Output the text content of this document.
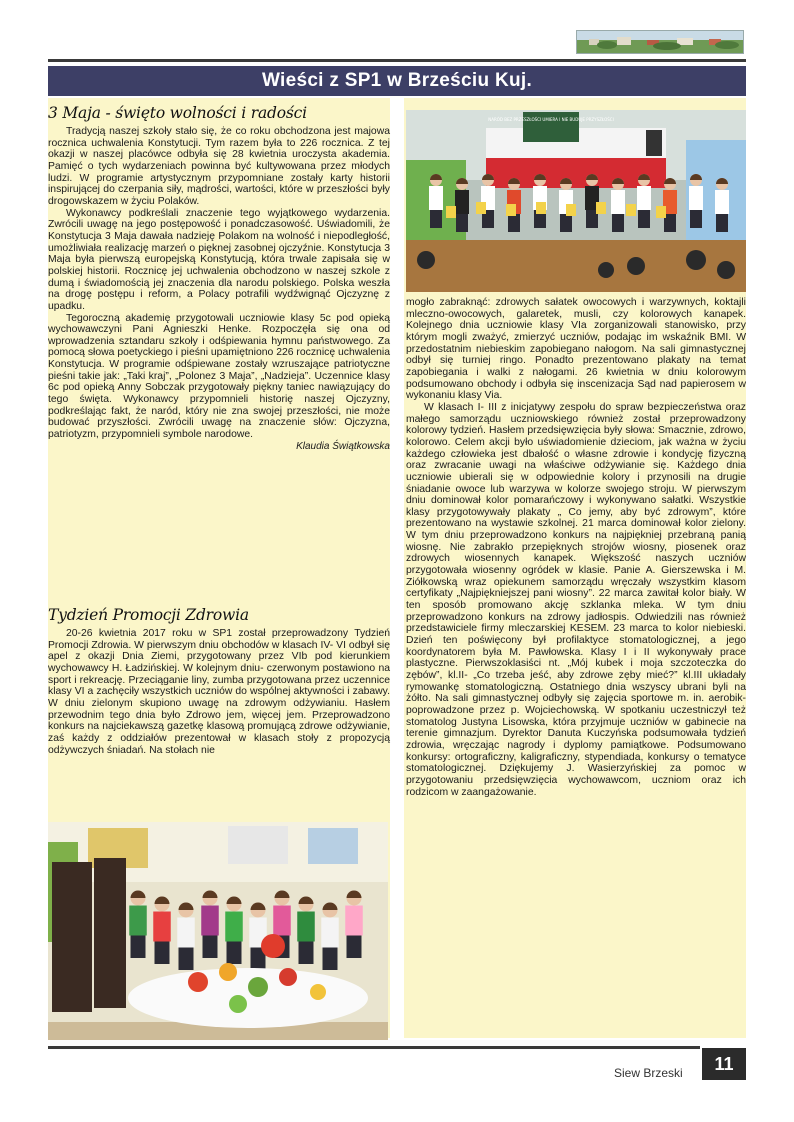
Wieści z SP1 w Brześciu Kuj.
3 Maja - święto wolności i radości

Tradycją naszej szkoły stało się, że co roku obchodzona jest majowa rocznica uchwalenia Konstytucji. Tym razem była to 226 rocznica. Z tej okazji w naszej placówce odbyła się 28 kwietnia uroczysta akademia. Pamięć o tych wydarzeniach powinna być kultywowana przez młodych ludzi. W programie artystycznym przypomniane zostały karty historii inspirującej do czerpania siły, mądrości, wartości, które w przeszłości były drogowskazem w życiu Polaków.

Wykonawcy podkreślali znaczenie tego wyjątkowego wydarzenia. Zwrócili uwagę na jego postępowość i ponadczasowość. Uświadomili, że Konstytucja 3 Maja dawała nadzieję Polakom na wolność i niepodległość, umożliwiała realizację marzeń o pięknej zasobnej ojczyźnie. Konstytucja 3 Maja była pierwszą europejską Konstytucją, która trwale zapisała się w polskiej historii. Rocznicę jej uchwalenia obchodzono w naszej szkole z dumą i świadomością jej znaczenia dla narodu polskiego. Polska weszła na drogę postępu i reform, a Polacy potrafili wydźwignąć Ojczyznę z upadku.

Tegoroczną akademię przygotowali uczniowie klasy 5c pod opieką wychowawczyni Pani Agnieszki Henke. Rozpoczęła się ona od wprowadzenia sztandaru szkoły i odśpiewania hymnu państwowego. Za pomocą słowa poetyckiego i pieśni upamiętniono 226 rocznicę uchwalenia Konstytucja. W programie odśpiewane zostały wzruszające patriotyczne pieśni takie jak: „Taki kraj”, „Polonez 3 Maja”, „Nadzieja”. Uczennice klasy 6c pod opieką Anny Sobczak przygotowały piękny taniec nawiązujący do tego święta. Wykonawcy przypomnieli historię naszej Ojczyzny, podkreślając fakt, że naród, który nie zna swojej przeszłości, nie może budować przyszłości. Zwrócili uwagę na znaczenie słów: Ojczyzna, patriotyzm, przypomnieli symbole narodowe.

Klaudia Świątkowska

Tydzień Promocji Zdrowia

20-26 kwietnia 2017 roku w SP1 został przeprowadzony Tydzień Promocji Zdrowia. W pierwszym dniu obchodów w klasach IV- VI odbył się apel z okazji Dnia Ziemi, przygotowany przez VIb pod kierunkiem wychowawcy H. Ładzińskiej. W kolejnym dniu- czerwonym postawiono na sport i rekreację. Przeciąganie liny, zumba przygotowana przez uczennice klasy VI a zachęciły wszystkich uczniów do wspólnej aktywności i zabawy. W dniu zielonym skupiono uwagę na zdrowym odżywianiu. Hasłem przewodnim tego dnia było Zdrowo jem, więcej jem. Przeprowadzono konkurs na najciekawszą gazetkę klasową promującą zdrowe odżywianie, zaś każdy z oddziałów prezentował w klasach stoły z propozycją odżywczych śniadań. Na stołach nie

NARÓD BEZ PRZESZŁOŚCI UMIERA I NIE BUDUJE PRZYSZŁOŚCI

mogło zabraknąć: zdrowych sałatek owocowych i warzywnych, koktajli mleczno-owocowych, galaretek, musli, czy kolorowych kanapek. Kolejnego dnia uczniowie klasy VIa zorganizowali stanowisko, przy którym mogli zważyć, zmierzyć uczniów, podając im wskaźnik BMI. W przedostatnim niebieskim zapobiegano nałogom. Na sali gimnastycznej odbył się turniej ringo. Ponadto prezentowano plakaty na temat zapobiegania i walki z nałogami. 26 kwietnia w dniu kolorowym podsumowano obchody i odbyła się inscenizacja Sąd nad papierosem w wykonaniu klasy Via.

W klasach I- III z inicjatywy zespołu do spraw bezpieczeństwa oraz małego samorządu uczniowskiego również został przeprowadzony kolorowy tydzień. Hasłem przedsięwzięcia były słowa: Smacznie, zdrowo, kolorowo. Celem akcji było uświadomienie dzieciom, jak ważna w życiu każdego człowieka jest dbałość o własne zdrowie i kondycję fizyczną oraz zwracanie uwagi na właściwe odżywianie się. Każdego dnia uczniowie ubierali się w odpowiednie kolory i przynosili na drugie śniadanie owoce lub warzywa w kolorze swojego stroju. W pierwszym dniu dominował kolor pomarańczowy i wykonywano sałatki. Wszystkie klasy przygotowywały plakaty „ Co jemy, aby być zdrowym”, które prezentowano na wystawie szkolnej. 21 marca dominował kolor zielony. W tym dniu przeprowadzono konkurs na najpiękniej przebraną panią wiosnę. Nie zabrakło przepięknych strojów wiosny, piosenek oraz zdrowych wiosennych kanapek. Większość naszych uczniów przygotowała wiosenny ogródek w klasie. Panie A. Gierszewska i M. Ziółkowską wraz opiekunem samorządu wręczały wszystkim klasom certyfikaty „Najpiękniejszej pani wiosny”. 22 marca zawitał kolor biały. W ten sposób promowano akcję szklanka mleka. W tym dniu przeprowadzono konkurs na zdrowy jadłospis. Odwiedzili nas również przedstawiciele firmy mleczarskiej KESEM. 23 marca to kolor niebieski. Dzień ten poświęcony był profilaktyce stomatologicznej, a jego koordynatorem była M. Pawłowska. Klasy I i II wykonywały prace plastyczne. Pierwszoklasiści nt. „Mój kubek i moja szczoteczka do zębów”, kl.II- „Co trzeba jeść, aby zdrowe zęby mieć?” kl.III układały rymowankę stomatologiczną. Ostatniego dnia wszyscy ubrani byli na żółto. Na sali gimnastycznej odbyły się zajęcia sportowe m. in. aerobik- poprowadzone przez p. Wojciechowską. W spotkaniu uczestniczył też stomatolog Justyna Lisowska, która przyjmuje uczniów w gabinecie na terenie gimnazjum. Dyrektor Danuta Kuczyńska podsumowała tydzień zdrowia, wręczając nagrody i dyplomy pamiątkowe. Podsumowano konkursy: ortograficzny, kaligraficzny, stypendiada, konkursy o tematyce stomatologicznej. Dziękujemy J. Wasierzyńskiej za pomoc w przygotowaniu przedsięwzięcia wychowawcom, uczniom oraz ich rodzicom w zaangażowanie.

Siew Brzeski	11
